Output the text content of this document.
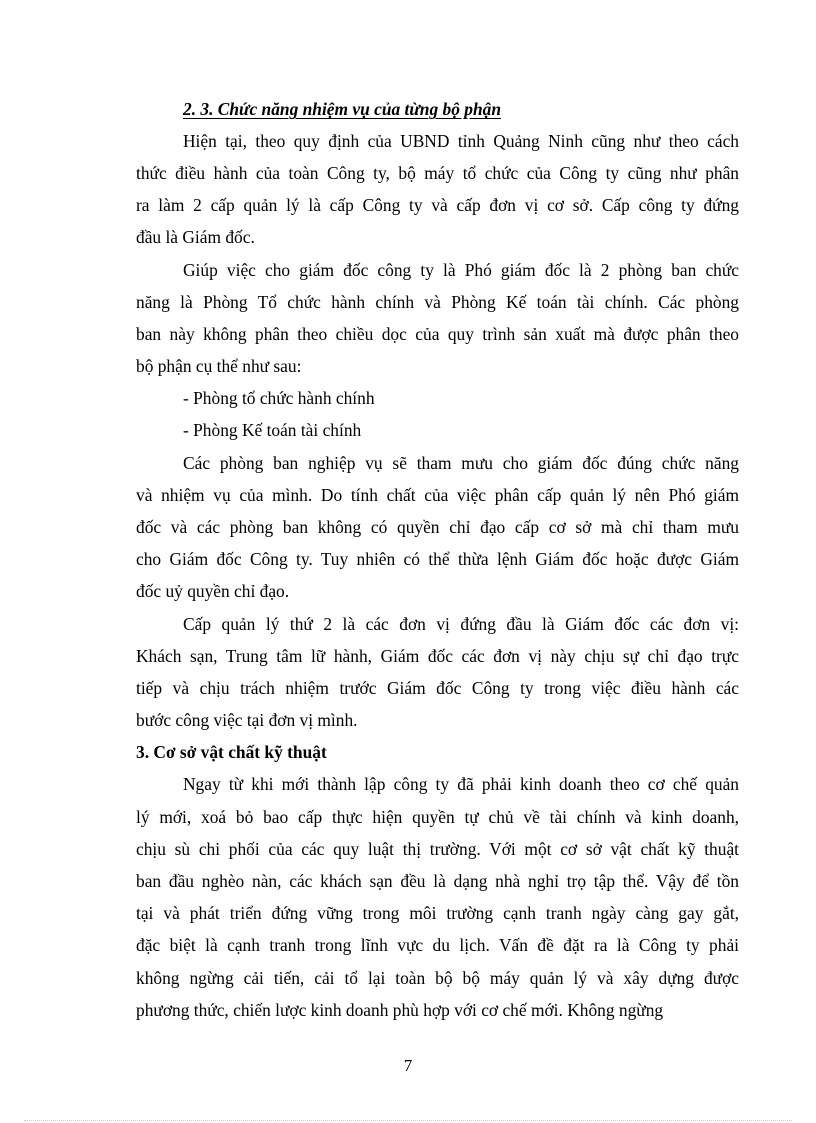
2. 3. Chức năng nhiệm vụ của từng bộ phận
Hiện tại, theo quy định của UBND tỉnh Quảng Ninh cũng như theo cách
thức điều hành của toàn Công ty, bộ máy tổ chức của Công ty cũng như phân
ra làm 2 cấp quản lý là cấp Công ty và cấp đơn vị cơ sở. Cấp công ty đứng
đầu là Giám đốc.
Giúp việc cho giám đốc công ty là Phó giám đốc là 2 phòng ban chức
năng là Phòng Tổ chức hành chính và Phòng Kế toán tài chính. Các phòng
ban này không phân theo chiều dọc của quy trình sản xuất mà được phân theo
bộ phận cụ thể như sau:
- Phòng tổ chức hành chính
- Phòng Kế toán tài chính
Các phòng ban nghiệp vụ sẽ tham mưu cho giám đốc đúng chức năng
và nhiệm vụ của mình. Do tính chất của việc phân cấp quản lý nên Phó giám
đốc và các phòng ban không có quyền chỉ đạo cấp cơ sở mà chỉ tham mưu
cho Giám đốc Công ty. Tuy nhiên có thể thừa lệnh Giám đốc hoặc được Giám
đốc uỷ quyền chỉ đạo.
Cấp quản lý thứ 2 là các đơn vị đứng đầu là Giám đốc các đơn vị:
Khách sạn, Trung tâm lữ hành, Giám đốc các đơn vị này chịu sự chỉ đạo trực
tiếp và chịu trách nhiệm trước Giám đốc Công ty trong việc điều hành các
bước công việc tại đơn vị mình.
3. Cơ sở vật chất kỹ thuật
Ngay từ khi mới thành lập công ty đã phải kinh doanh theo cơ chế quản
lý mới, xoá bỏ bao cấp thực hiện quyền tự chủ về tài chính và kinh doanh,
chịu sù chi phối của các quy luật thị trường. Với một cơ sở vật chất kỹ thuật
ban đầu nghèo nàn, các khách sạn đều là dạng nhà nghỉ trọ tập thể. Vậy để tồn
tại và phát triển đứng vững trong môi trường cạnh tranh ngày càng gay gắt,
đặc biệt là cạnh tranh trong lĩnh vực du lịch. Vấn đề đặt ra là Công ty phải
không ngừng cải tiến, cải tổ lại toàn bộ bộ máy quản lý và xây dựng được
phương thức, chiến lược kinh doanh phù hợp với cơ chế mới. Không ngừng
7
